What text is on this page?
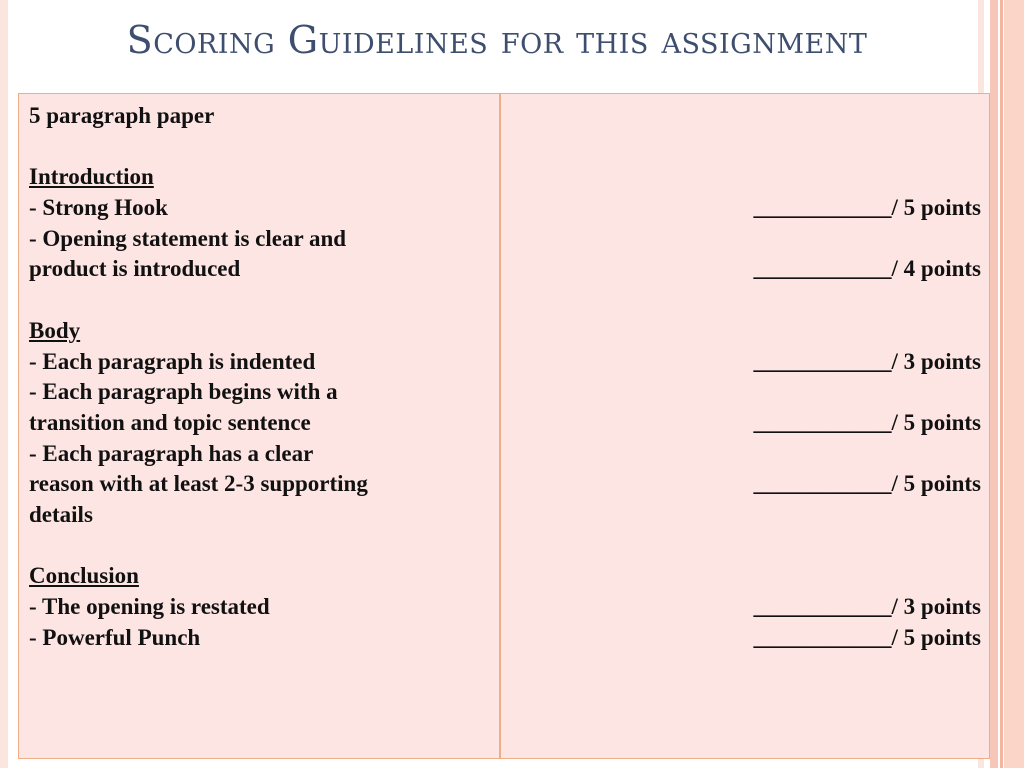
Scoring Guidelines for this assignment
5 paragraph paper
Introduction
- Strong Hook
- Opening statement is clear and
product is introduced
Body
- Each paragraph is indented
- Each paragraph begins with a
transition and topic sentence
- Each paragraph has a clear
reason with at least 2-3 supporting
details
Conclusion
- The opening is restated
- Powerful Punch
____________/ 5 points
____________/ 4 points
____________/ 3 points
____________/ 5 points
____________/ 5 points
____________/ 3 points
____________/ 5 points
